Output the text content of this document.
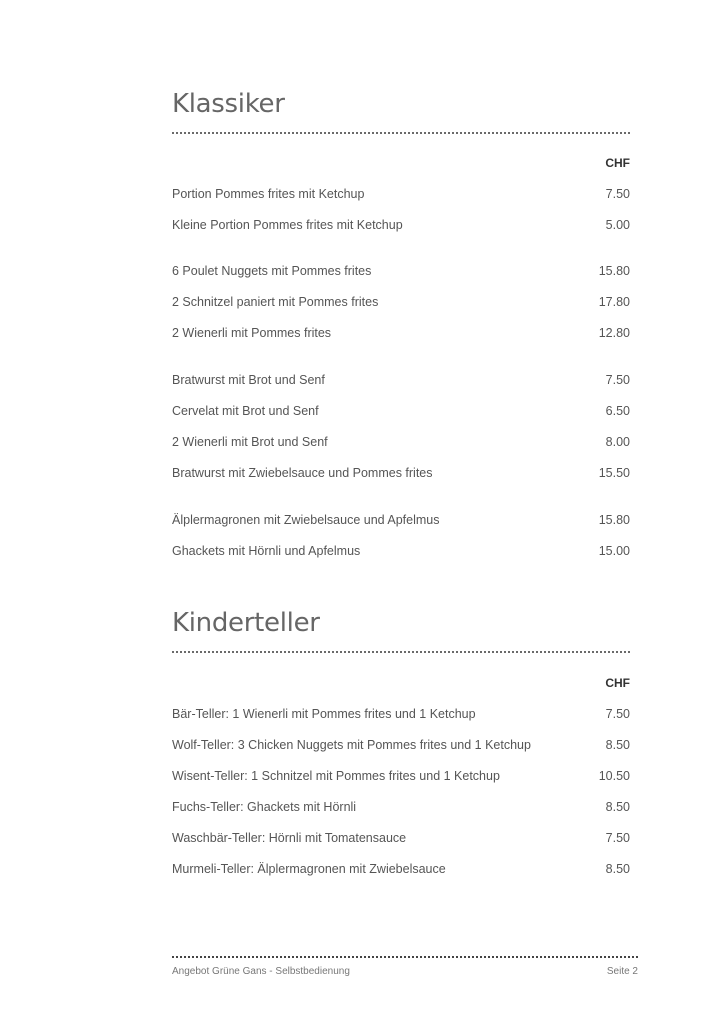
Klassiker
CHF
Portion Pommes frites mit Ketchup	7.50
Kleine Portion Pommes frites mit Ketchup	5.00
6 Poulet Nuggets mit Pommes frites	15.80
2 Schnitzel paniert mit Pommes frites	17.80
2 Wienerli mit Pommes frites	12.80
Bratwurst mit Brot und Senf	7.50
Cervelat mit Brot und Senf	6.50
2 Wienerli mit Brot und Senf	8.00
Bratwurst mit Zwiebelsauce und Pommes frites	15.50
Älplermagronen mit Zwiebelsauce und Apfelmus	15.80
Ghackets mit Hörnli und Apfelmus	15.00
Kinderteller
CHF
Bär-Teller: 1 Wienerli mit Pommes frites und 1 Ketchup	7.50
Wolf-Teller: 3 Chicken Nuggets mit Pommes frites und 1 Ketchup	8.50
Wisent-Teller: 1 Schnitzel mit Pommes frites und 1 Ketchup	10.50
Fuchs-Teller: Ghackets mit Hörnli	8.50
Waschbär-Teller: Hörnli mit Tomatensauce	7.50
Murmeli-Teller: Älplermagronen mit Zwiebelsauce	8.50
Angebot Grüne Gans - Selbstbedienung	Seite 2
